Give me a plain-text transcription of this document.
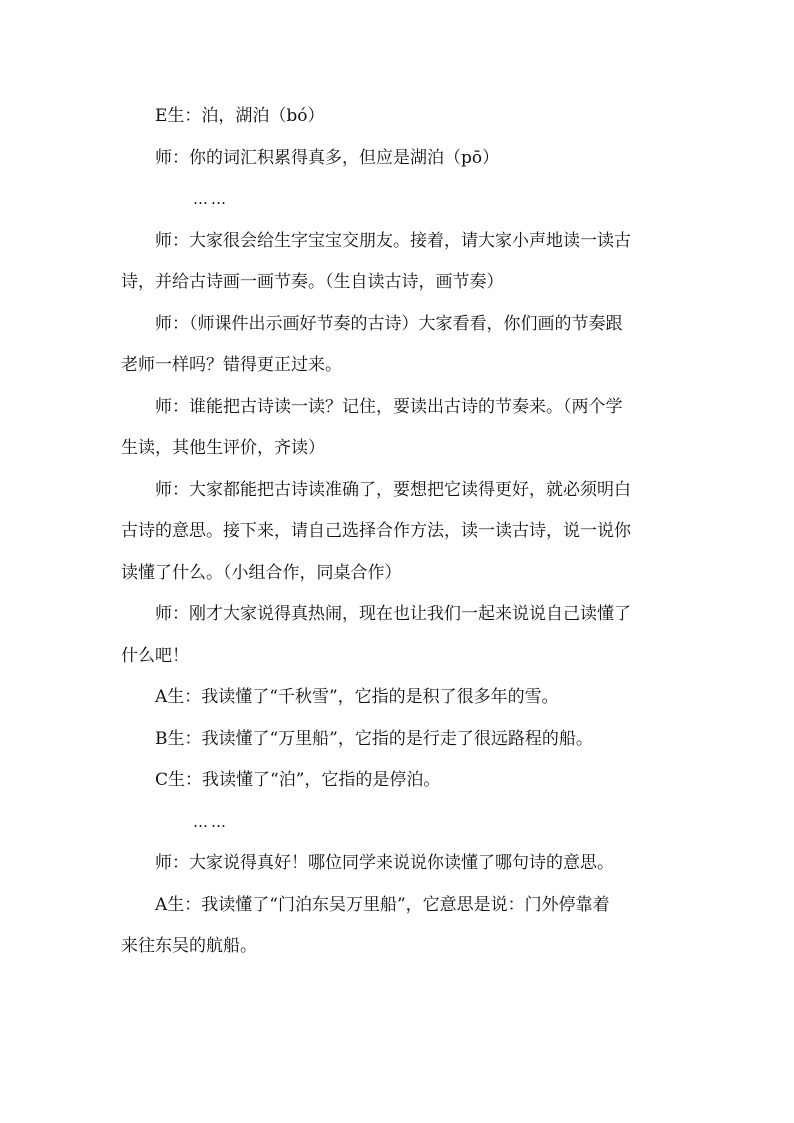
E生：泊，湖泊（bó）
师：你的词汇积累得真多，但应是湖泊（pō）
……
师：大家很会给生字宝宝交朋友。接着，请大家小声地读一读古
诗，并给古诗画一画节奏。（生自读古诗，画节奏）
师：（师课件出示画好节奏的古诗）大家看看，你们画的节奏跟
老师一样吗？错得更正过来。
师：谁能把古诗读一读？记住，要读出古诗的节奏来。（两个学
生读，其他生评价，齐读）
师：大家都能把古诗读准确了，要想把它读得更好，就必须明白
古诗的意思。接下来，请自己选择合作方法，读一读古诗，说一说你
读懂了什么。（小组合作，同桌合作）
师：刚才大家说得真热闹，现在也让我们一起来说说自己读懂了
什么吧！
A生：我读懂了“千秋雪”，它指的是积了很多年的雪。
B生：我读懂了“万里船”，它指的是行走了很远路程的船。
C生：我读懂了“泊”，它指的是停泊。
……
师：大家说得真好！哪位同学来说说你读懂了哪句诗的意思。
A生：我读懂了“门泊东吴万里船”，它意思是说：门外停靠着
来往东吴的航船。
